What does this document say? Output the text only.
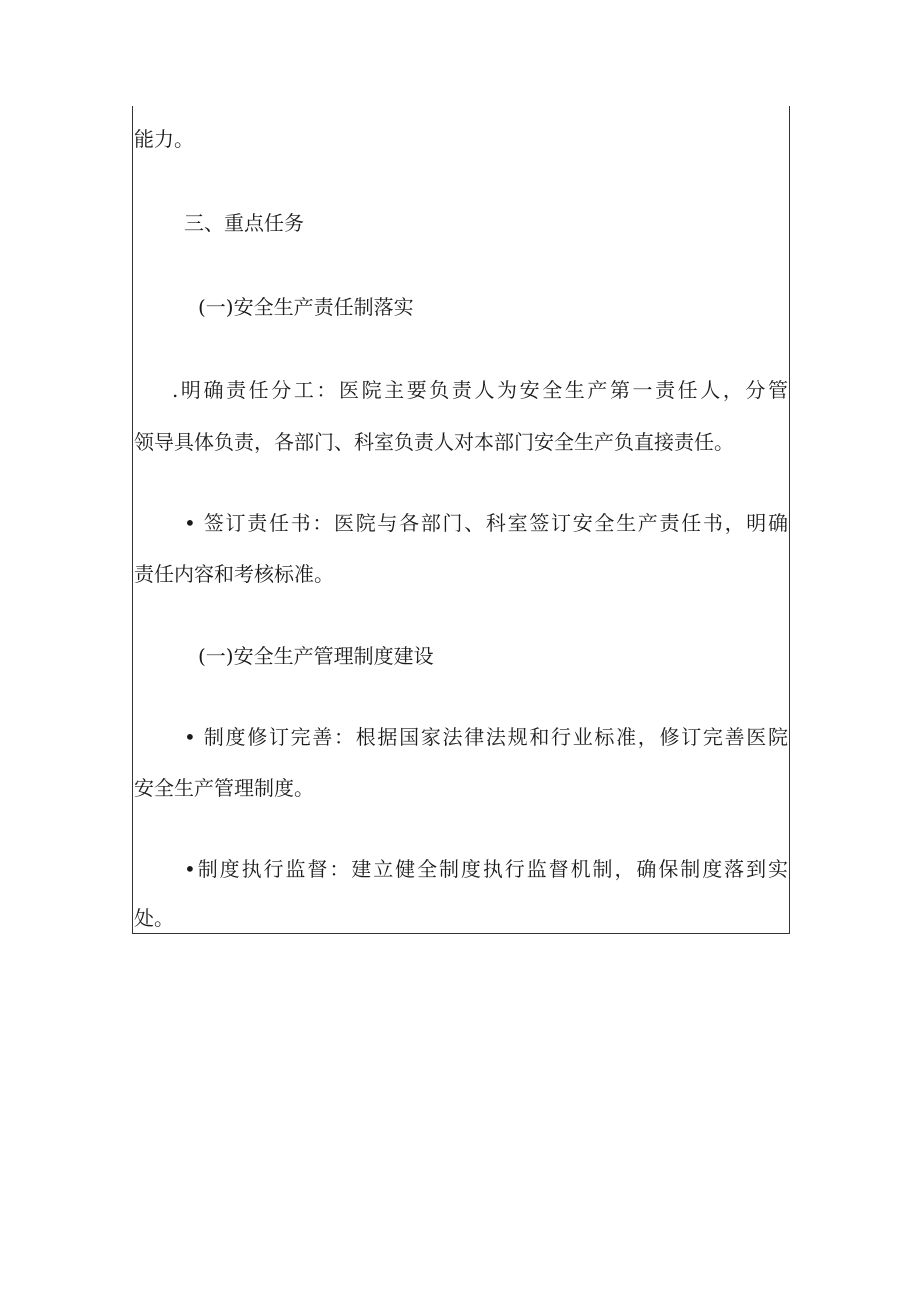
能力。
三、重点任务
(一)安全生产责任制落实
.明确责任分工：医院主要负责人为安全生产第一责任人，分管
领导具体负责，各部门、科室负责人对本部门安全生产负直接责任。
• 签订责任书：医院与各部门、科室签订安全生产责任书，明确
责任内容和考核标准。
(一)安全生产管理制度建设
• 制度修订完善：根据国家法律法规和行业标准，修订完善医院
安全生产管理制度。
•制度执行监督：建立健全制度执行监督机制，确保制度落到实
处。
